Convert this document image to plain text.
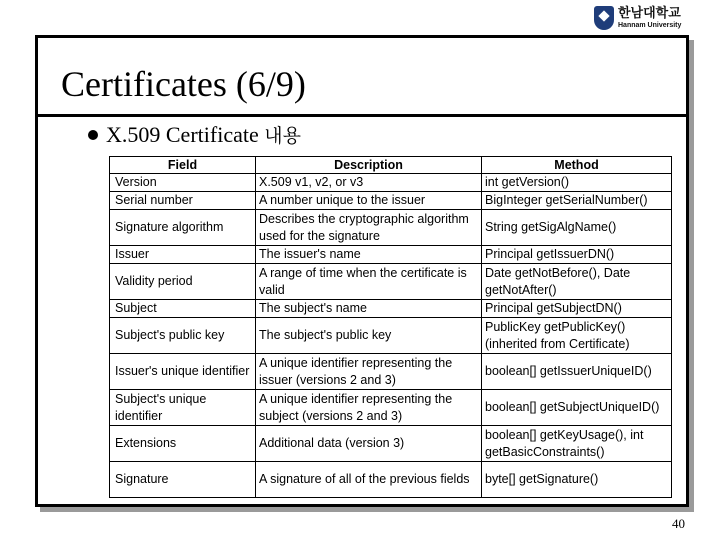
한남대학교
Hannam University
Certificates (6/9)
X.509 Certificate 내용
Field	Description	Method
Version	X.509 v1, v2, or v3	int getVersion()
Serial number	A number unique to the issuer	BigInteger getSerialNumber()
Signature algorithm	Describes the cryptographic algorithm used for the signature	String getSigAlgName()
Issuer	The issuer's name	Principal getIssuerDN()
Validity period	A range of time when the certificate is valid	Date getNotBefore(), Date getNotAfter()
Subject	The subject's name	Principal getSubjectDN()
Subject's public key	The subject's public key	PublicKey getPublicKey() (inherited from Certificate)
Issuer's unique identifier	A unique identifier representing the issuer (versions 2 and 3)	boolean[] getIssuerUniqueID()
Subject's unique identifier	A unique identifier representing the subject (versions 2 and 3)	boolean[] getSubjectUniqueID()
Extensions	Additional data (version 3)	boolean[] getKeyUsage(), int getBasicConstraints()
Signature	A signature of all of the previous fields	byte[] getSignature()
40
